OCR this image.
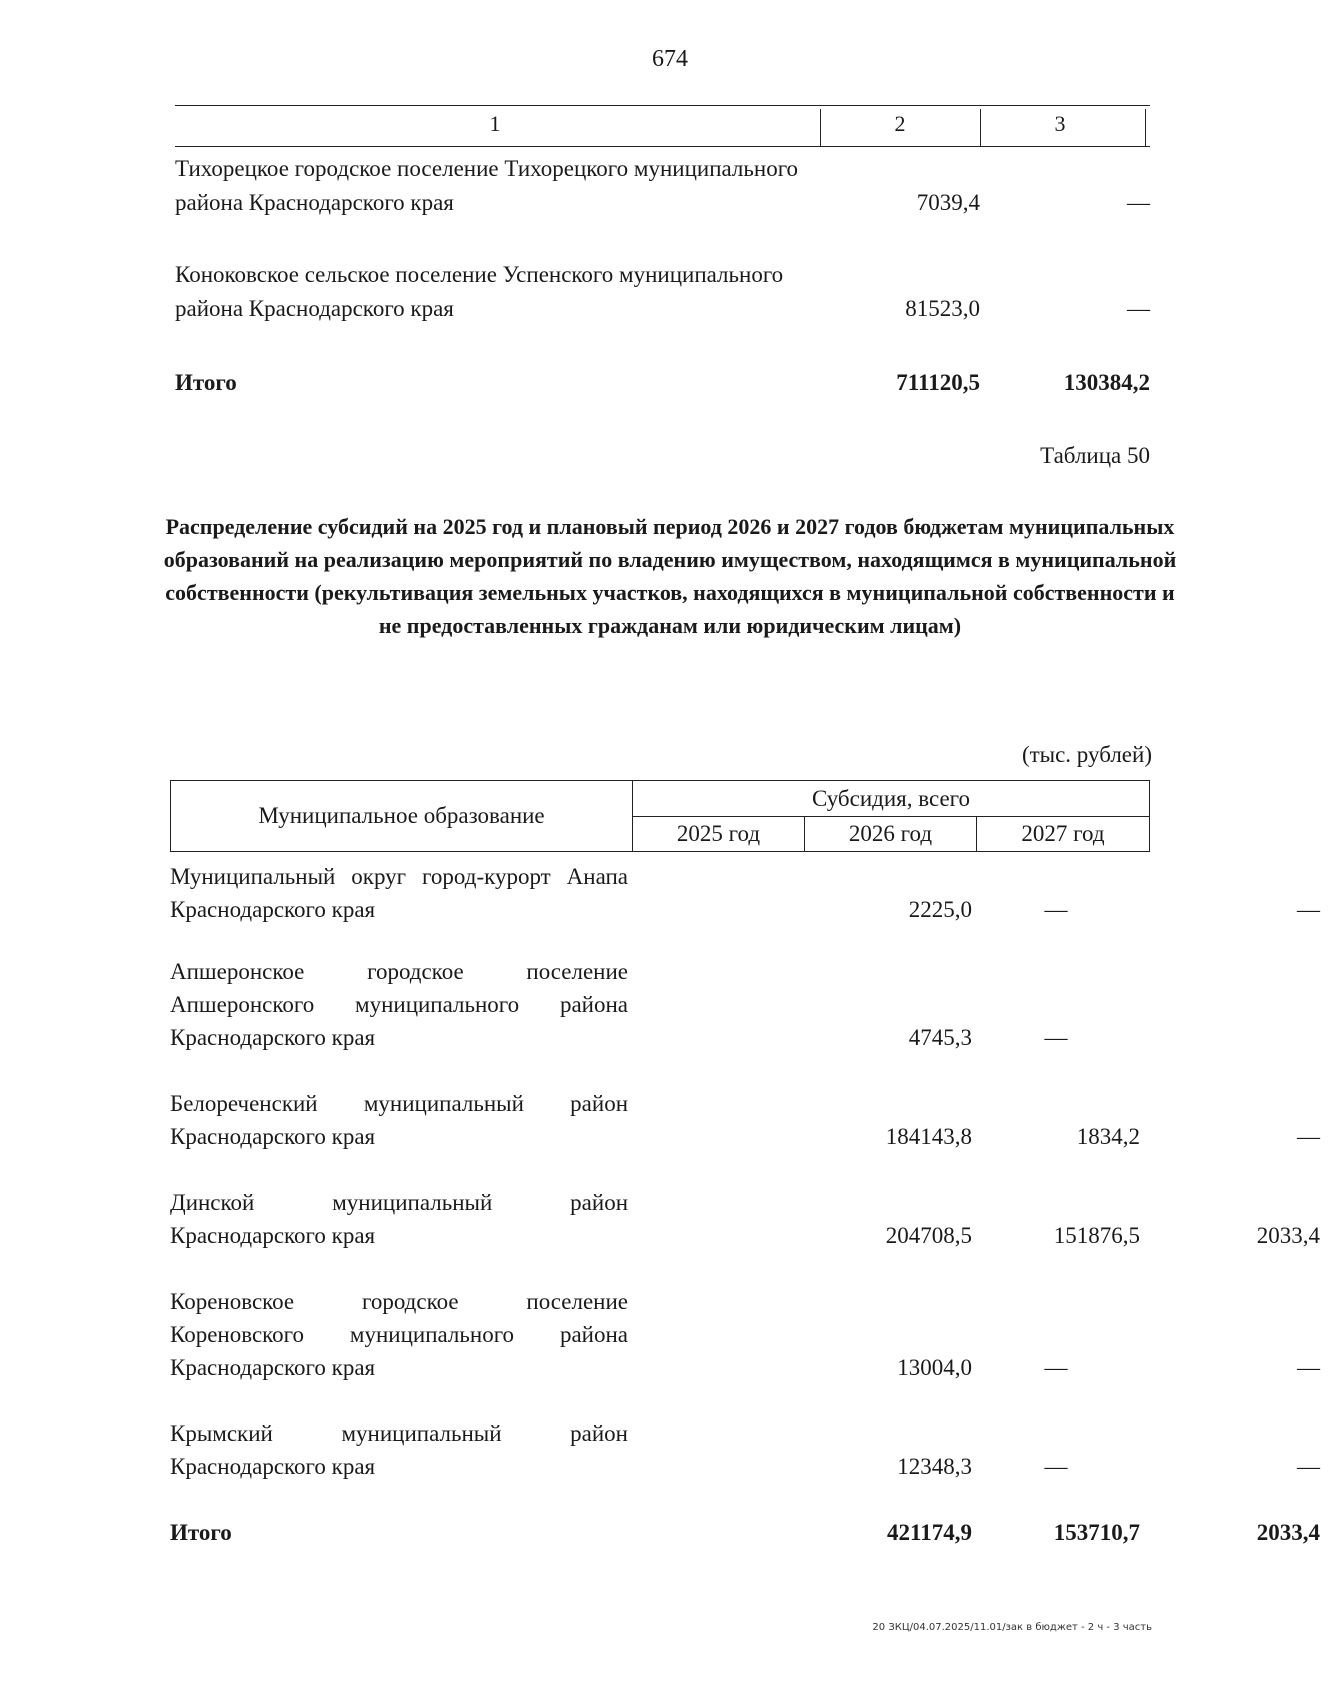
674
1	2	3
Тихорецкое городское поселение Тихорецкого муниципального района Краснодарского края	7039,4	—
Коноковское сельское поселение Успенского муниципального района Краснодарского края	81523,0	—
Итого	711120,5	130384,2
Таблица 50
Распределение субсидий на 2025 год и плановый период 2026 и 2027 годов бюджетам муниципальных образований на реализацию мероприятий по владению имуществом, находящимся в муниципальной собственности (рекультивация земельных участков, находящихся в муниципальной собственности и не предоставленных гражданам или юридическим лицам)
(тыс. рублей)
Муниципальное образование
Субсидия, всего
2025 год	2026 год	2027 год
Муниципальный округ город-курорт Анапа Краснодарского края	2225,0	—	—
Апшеронское городское поселение Апшеронского муниципального района Краснодарского края	4745,3	—
Белореченский муниципальный район Краснодарского края	184143,8	1834,2	—
Динской муниципальный район Краснодарского края	204708,5	151876,5	2033,4
Кореновское городское поселение Кореновского муниципального района Краснодарского края	13004,0	—	—
Крымский муниципальный район Краснодарского края	12348,3	—	—
Итого	421174,9	153710,7	2033,4
20 ЗКЦ/04.07.2025/11.01/зак в бюджет - 2 ч - 3 часть
